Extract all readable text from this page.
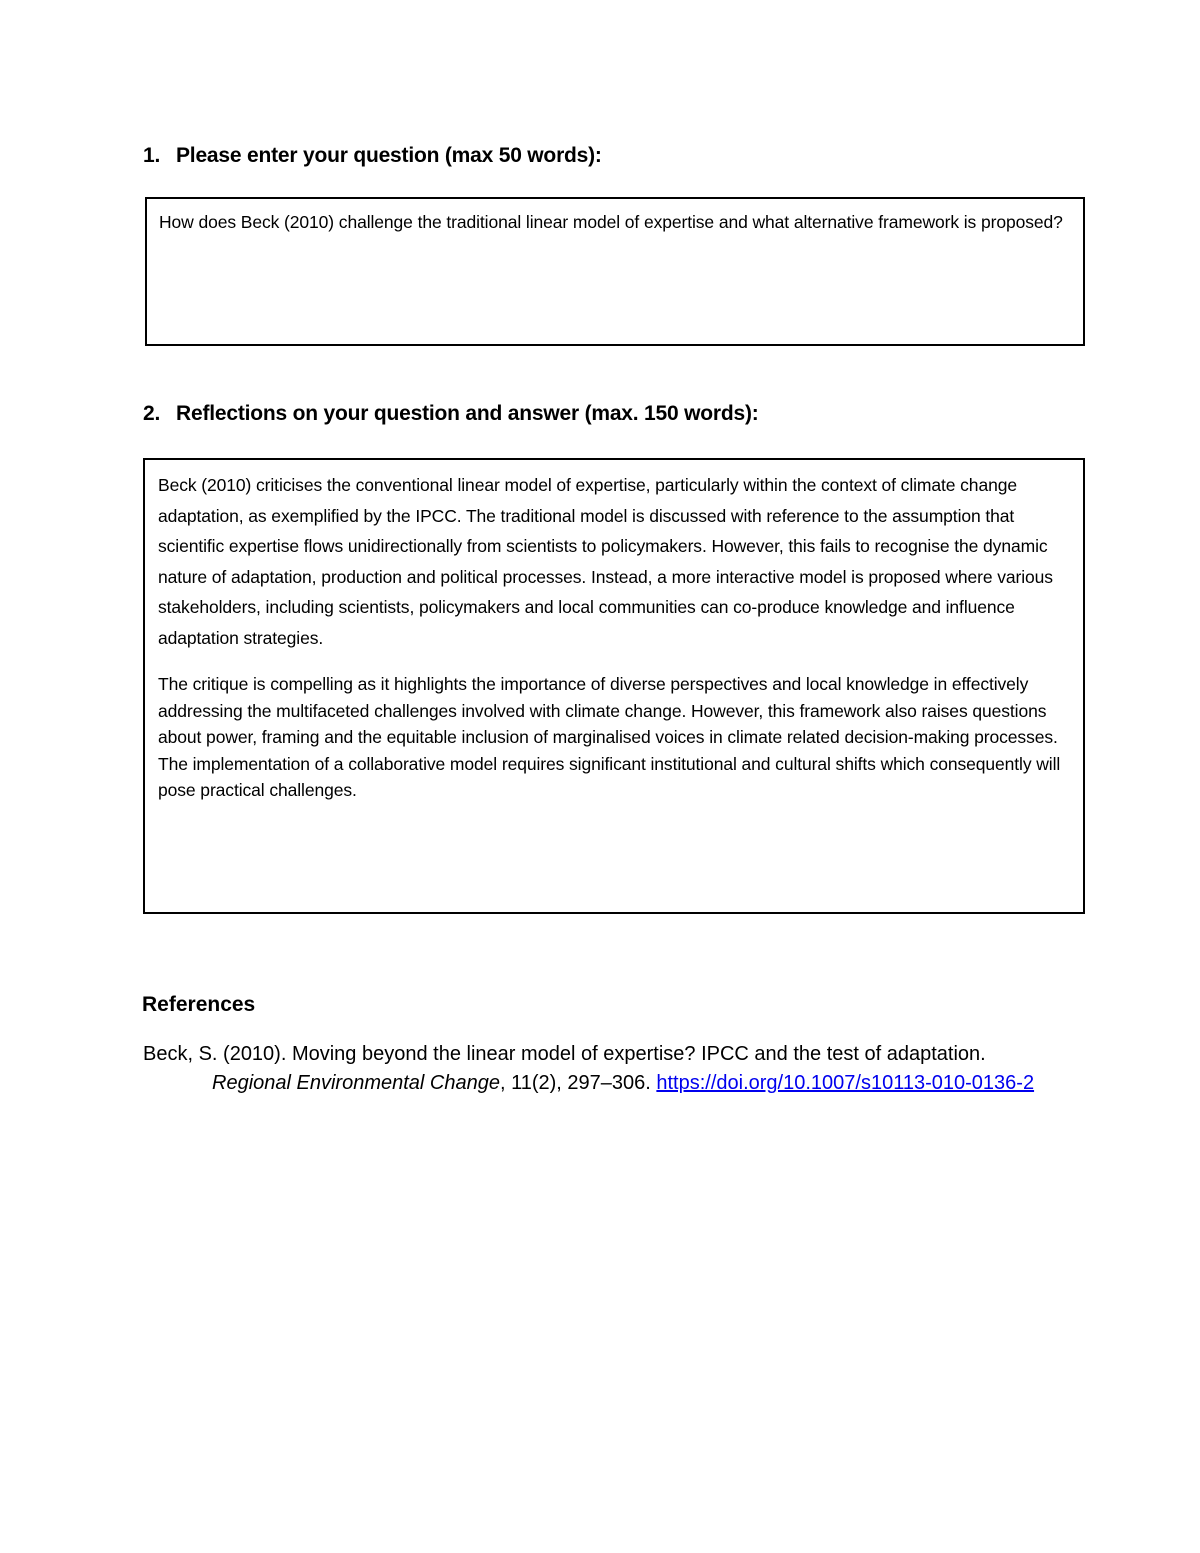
1. Please enter your question (max 50 words):
How does Beck (2010) challenge the traditional linear model of expertise and what alternative framework is proposed?
2. Reflections on your question and answer (max. 150 words):

Beck (2010) criticises the conventional linear model of expertise, particularly within the context of climate change adaptation, as exemplified by the IPCC. The traditional model is discussed with reference to the assumption that scientific expertise flows unidirectionally from scientists to policymakers. However, this fails to recognise the dynamic nature of adaptation, production and political processes. Instead, a more interactive model is proposed where various stakeholders, including scientists, policymakers and local communities can co-produce knowledge and influence adaptation strategies.

The critique is compelling as it highlights the importance of diverse perspectives and local knowledge in effectively addressing the multifaceted challenges involved with climate change. However, this framework also raises questions about power, framing and the equitable inclusion of marginalised voices in climate related decision-making processes. The implementation of a collaborative model requires significant institutional and cultural shifts which consequently will pose practical challenges.

References
Beck, S. (2010). Moving beyond the linear model of expertise? IPCC and the test of adaptation. Regional Environmental Change, 11(2), 297–306. https://doi.org/10.1007/s10113-010-0136-2
